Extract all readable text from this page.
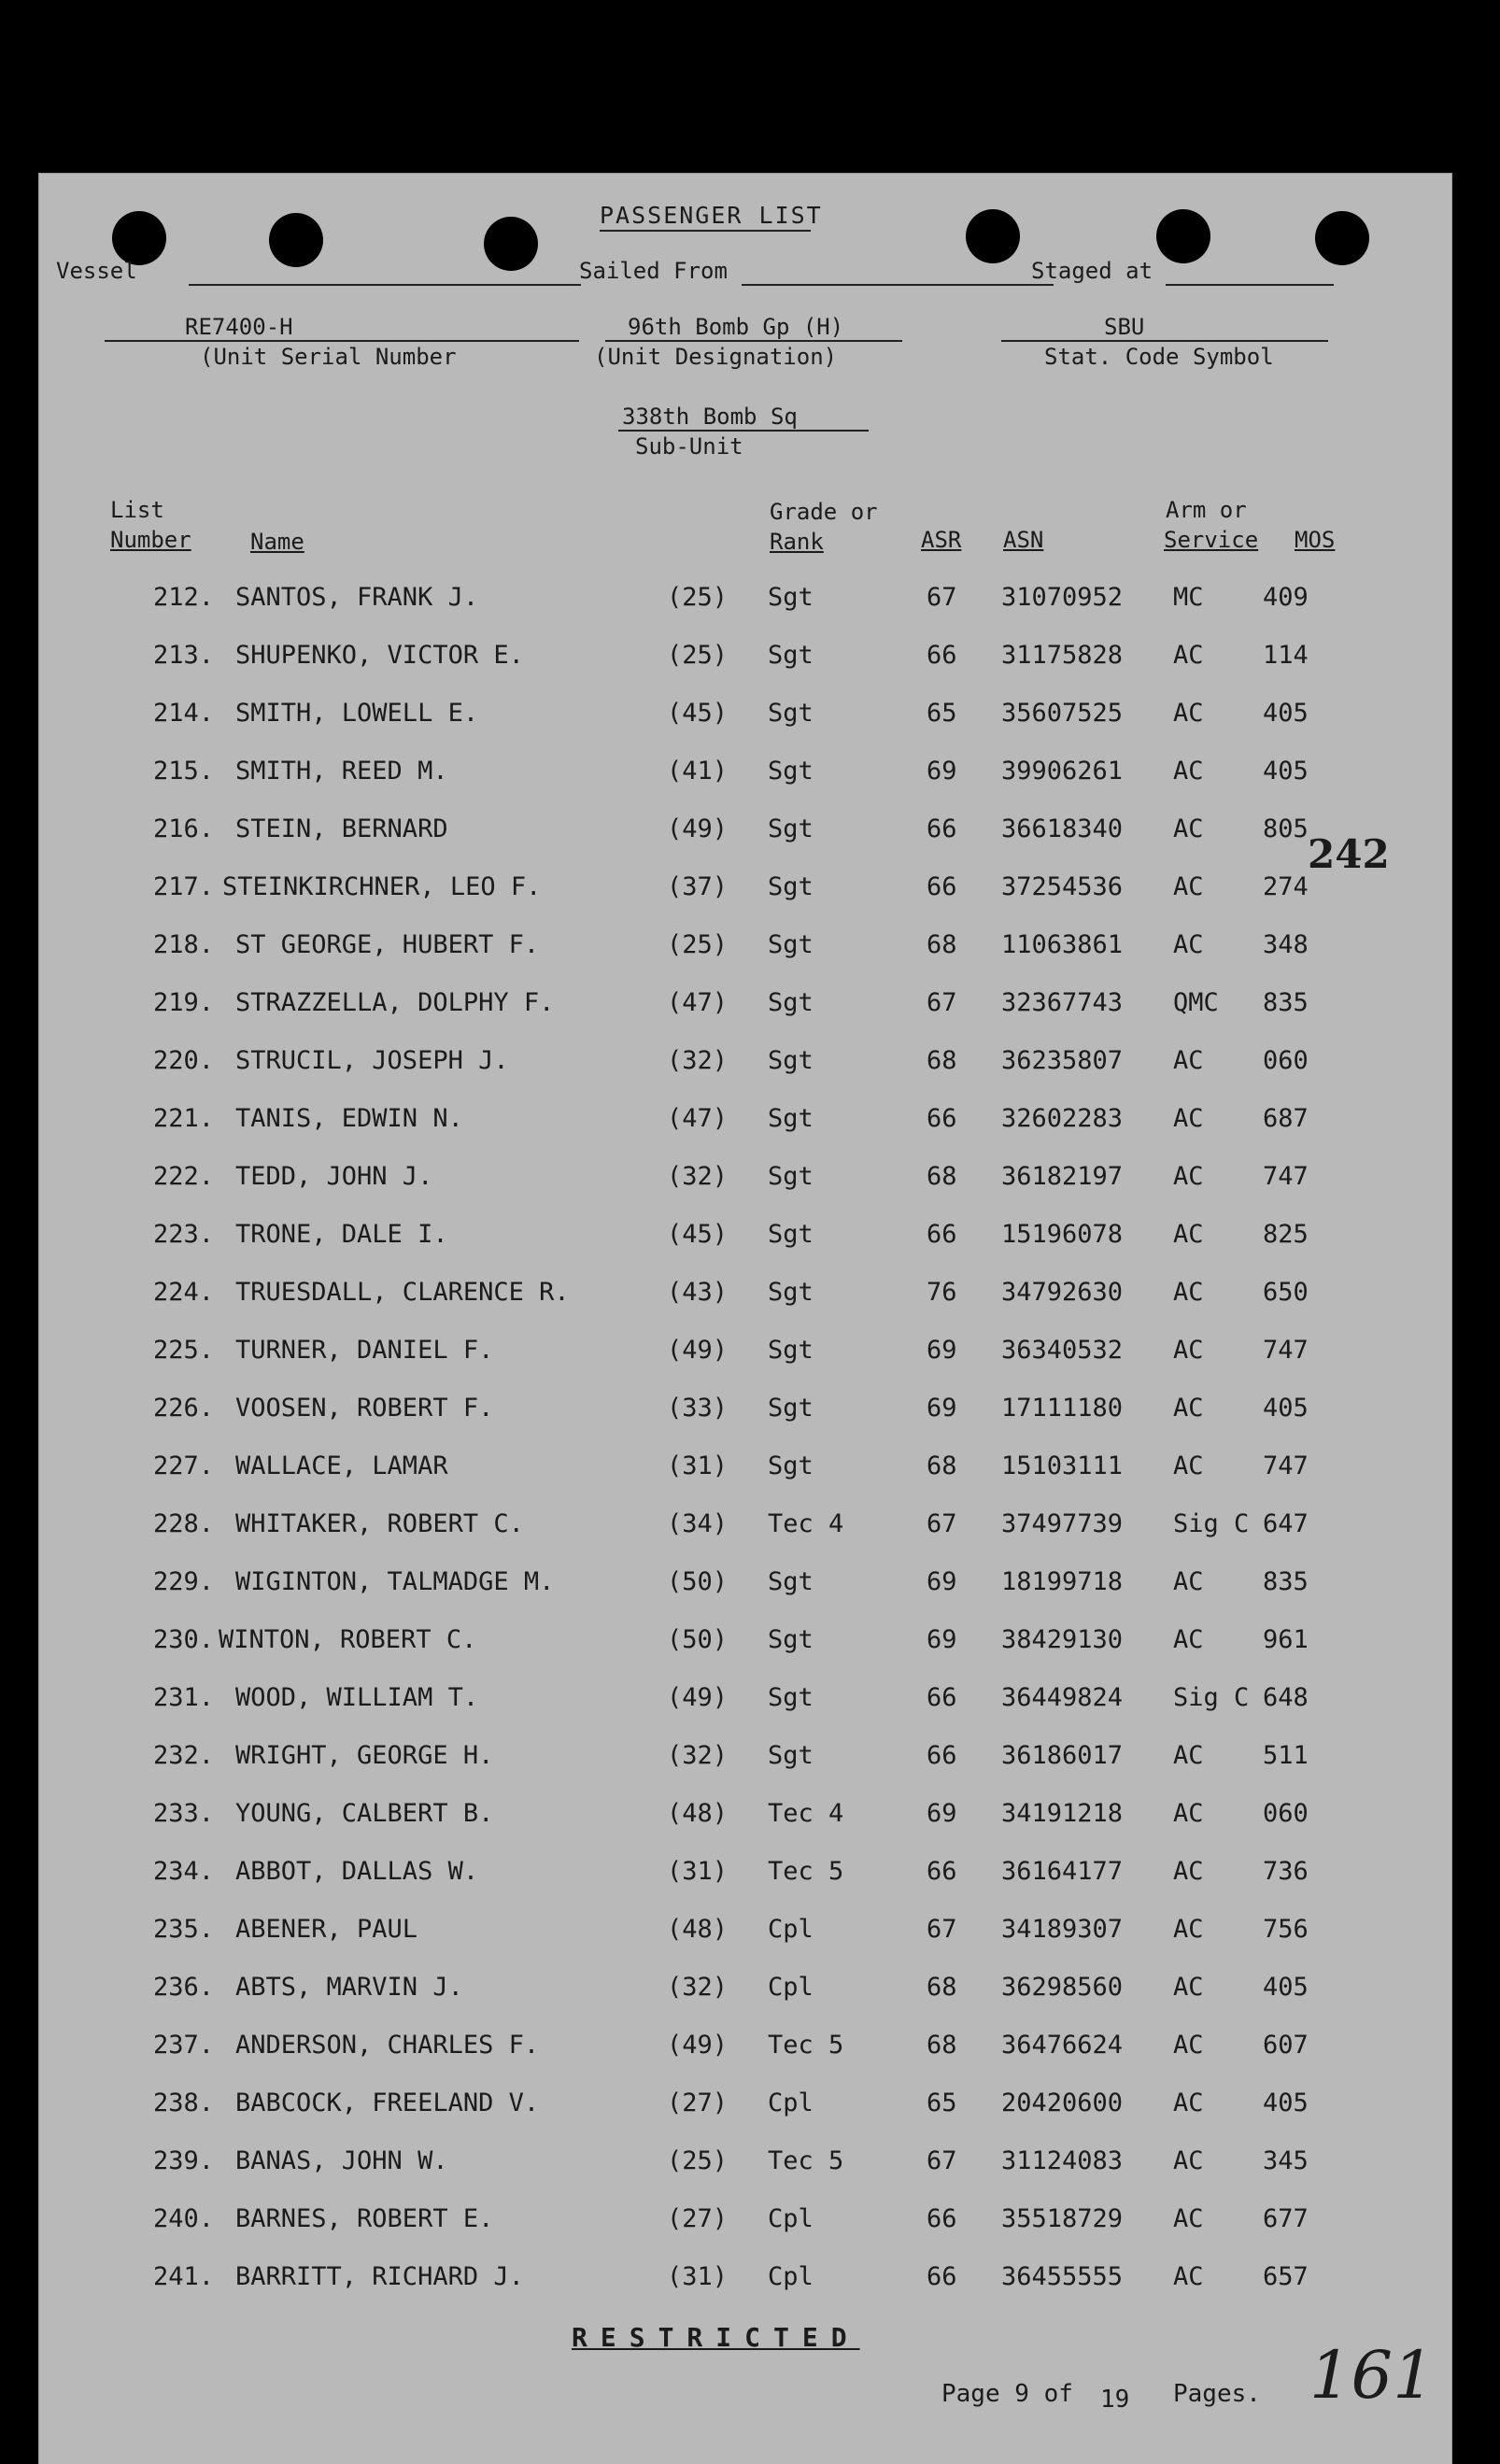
PASSENGER LIST
Vessel	Sailed From	Staged at
RE7400-H
(Unit Serial Number
96th Bomb Gp (H)
(Unit Designation)
SBU
Stat. Code Symbol
338th Bomb Sq
Sub-Unit
List
Number	Name
Grade or
Rank	ASR ASN
Arm or
Service MOS
212. SANTOS, FRANK J.	(25) Sgt	67 31070952 MC 409
213. SHUPENKO, VICTOR E.	(25) Sgt	66 31175828 AC 114
214. SMITH, LOWELL E.	(45) Sgt	65 35607525 AC 405
215. SMITH, REED M.	(41) Sgt	69 39906261 AC 405
216. STEIN, BERNARD	(49) Sgt	66 36618340 AC 805
217. STEINKIRCHNER, LEO F.	(37) Sgt	66 37254536 AC 274
218. ST GEORGE, HUBERT F.	(25) Sgt	68 11063861 AC 348
219. STRAZZELLA, DOLPHY F.	(47) Sgt	67 32367743 QMC 835
220. STRUCIL, JOSEPH J.	(32) Sgt	68 36235807 AC 060
221. TANIS, EDWIN N.	(47) Sgt	66 32602283 AC 687
222. TEDD, JOHN J.	(32) Sgt	68 36182197 AC 747
223. TRONE, DALE I.	(45) Sgt	66 15196078 AC 825
224. TRUESDALL, CLARENCE R.	(43) Sgt	76 34792630 AC 650
225. TURNER, DANIEL F.	(49) Sgt	69 36340532 AC 747
226. VOOSEN, ROBERT F.	(33) Sgt	69 17111180 AC 405
227. WALLACE, LAMAR	(31) Sgt	68 15103111 AC 747
228. WHITAKER, ROBERT C.	(34) Tec 4	67 37497739 Sig C 647
229. WIGINTON, TALMADGE M.	(50) Sgt	69 18199718 AC 835
230. WINTON, ROBERT C.	(50) Sgt	69 38429130 AC 961
231. WOOD, WILLIAM T.	(49) Sgt	66 36449824 Sig C 648
232. WRIGHT, GEORGE H.	(32) Sgt	66 36186017 AC 511
233. YOUNG, CALBERT B.	(48) Tec 4	69 34191218 AC 060
234. ABBOT, DALLAS W.	(31) Tec 5	66 36164177 AC 736
235. ABENER, PAUL	(48) Cpl	67 34189307 AC 756
236. ABTS, MARVIN J.	(32) Cpl	68 36298560 AC 405
237. ANDERSON, CHARLES F.	(49) Tec 5	68 36476624 AC 607
238. BABCOCK, FREELAND V.	(27) Cpl	65 20420600 AC 405
239. BANAS, JOHN W.	(25) Tec 5	67 31124083 AC 345
240. BARNES, ROBERT E.	(27) Cpl	66 35518729 AC 677
241. BARRITT, RICHARD J.	(31) Cpl	66 36455555 AC 657
242
RESTRICTED
Page 9 of 19 Pages. 161
